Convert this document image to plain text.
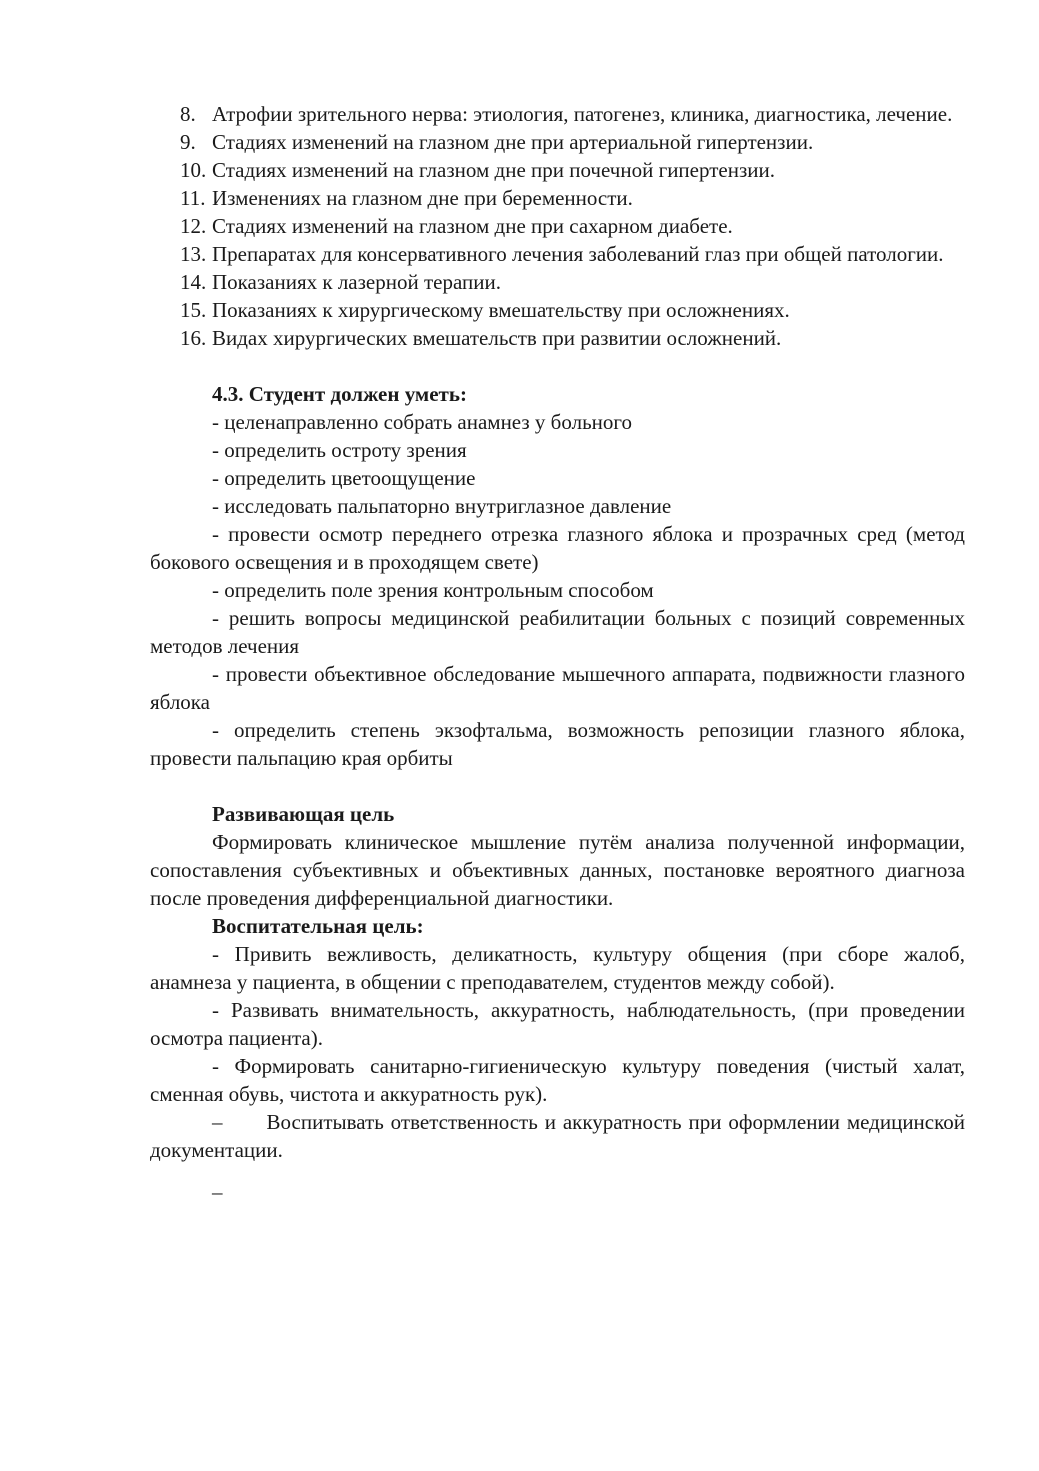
8. Атрофии зрительного нерва: этиология, патогенез, клиника, диагностика, лечение.
9. Стадиях изменений на глазном дне при артериальной гипертензии.
10. Стадиях изменений на глазном дне при почечной гипертензии.
11. Изменениях на глазном дне при беременности.
12. Стадиях изменений на глазном дне при сахарном диабете.
13. Препаратах для консервативного лечения заболеваний глаз при общей патологии.
14. Показаниях к лазерной терапии.
15. Показаниях к хирургическому вмешательству при осложнениях.
16. Видах хирургических вмешательств при развитии осложнений.

4.3. Студент должен уметь:

- целенаправленно собрать анамнез у больного

- определить остроту зрения

- определить цветоощущение

- исследовать пальпаторно внутриглазное давление

- провести осмотр переднего отрезка глазного яблока и прозрачных сред (метод бокового освещения и в проходящем свете)

- определить поле зрения контрольным способом

- решить вопросы медицинской реабилитации больных с позиций современных методов лечения

- провести объективное обследование мышечного аппарата, подвижности глазного яблока

- определить степень экзофтальма, возможность репозиции глазного яблока, провести пальпацию края орбиты

Развивающая цель

Формировать клиническое мышление путём анализа полученной информации, сопоставления субъективных и объективных данных, постановке вероятного диагноза после проведения дифференциальной диагностики.

Воспитательная цель:

- Привить вежливость, деликатность, культуру общения (при сборе жалоб, анамнеза у пациента, в общении с преподавателем, студентов между собой).

- Развивать внимательность, аккуратность, наблюдательность, (при проведении осмотра пациента).

- Формировать санитарно-гигиеническую культуру поведения (чистый халат, сменная обувь, чистота и аккуратность рук).

– Воспитывать ответственность и аккуратность при оформлении медицинской документации.

–
